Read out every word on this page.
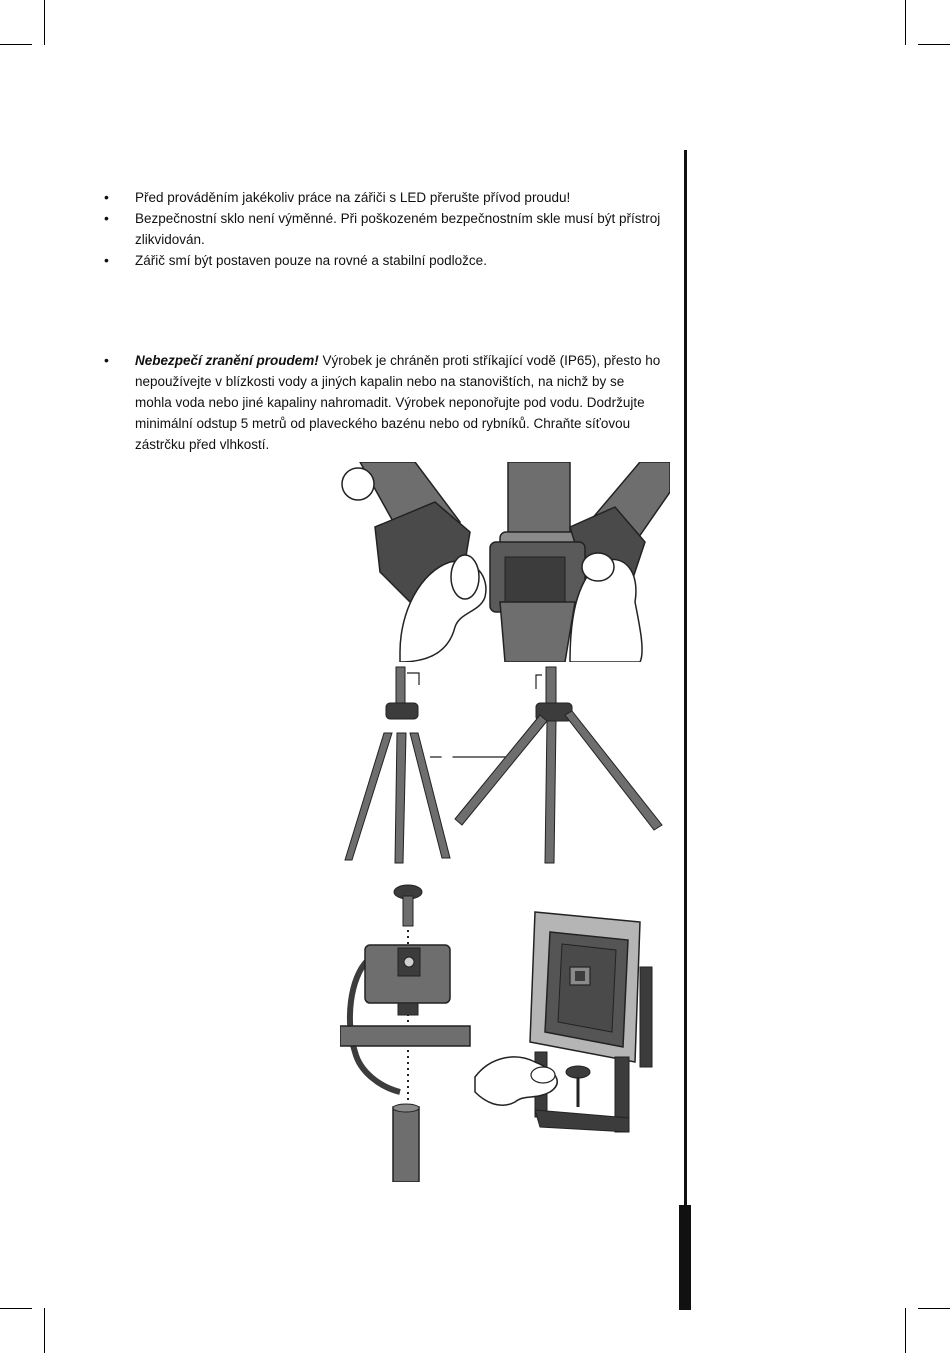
• Před prováděním jakékoliv práce na zářiči s LED přerušte přívod proudu!
• Bezpečnostní sklo není výměnné. Při poškozeném bezpečnostním skle musí být přístroj zlikvidován.
• Zářič smí být postaven pouze na rovné a stabilní podložce.
• Nebezpečí zranění proudem! Výrobek je chráněn proti stříkající vodě (IP65), přesto ho nepoužívejte v blízkosti vody a jiných kapalin nebo na stanovištích, na nichž by se mohla voda nebo jiné kapaliny nahromadit. Výrobek neponořujte pod vodu. Dodržujte minimální odstup 5 metrů od plaveckého bazénu nebo od rybníků. Chraňte síťovou zástrčku před vlhkostí.
